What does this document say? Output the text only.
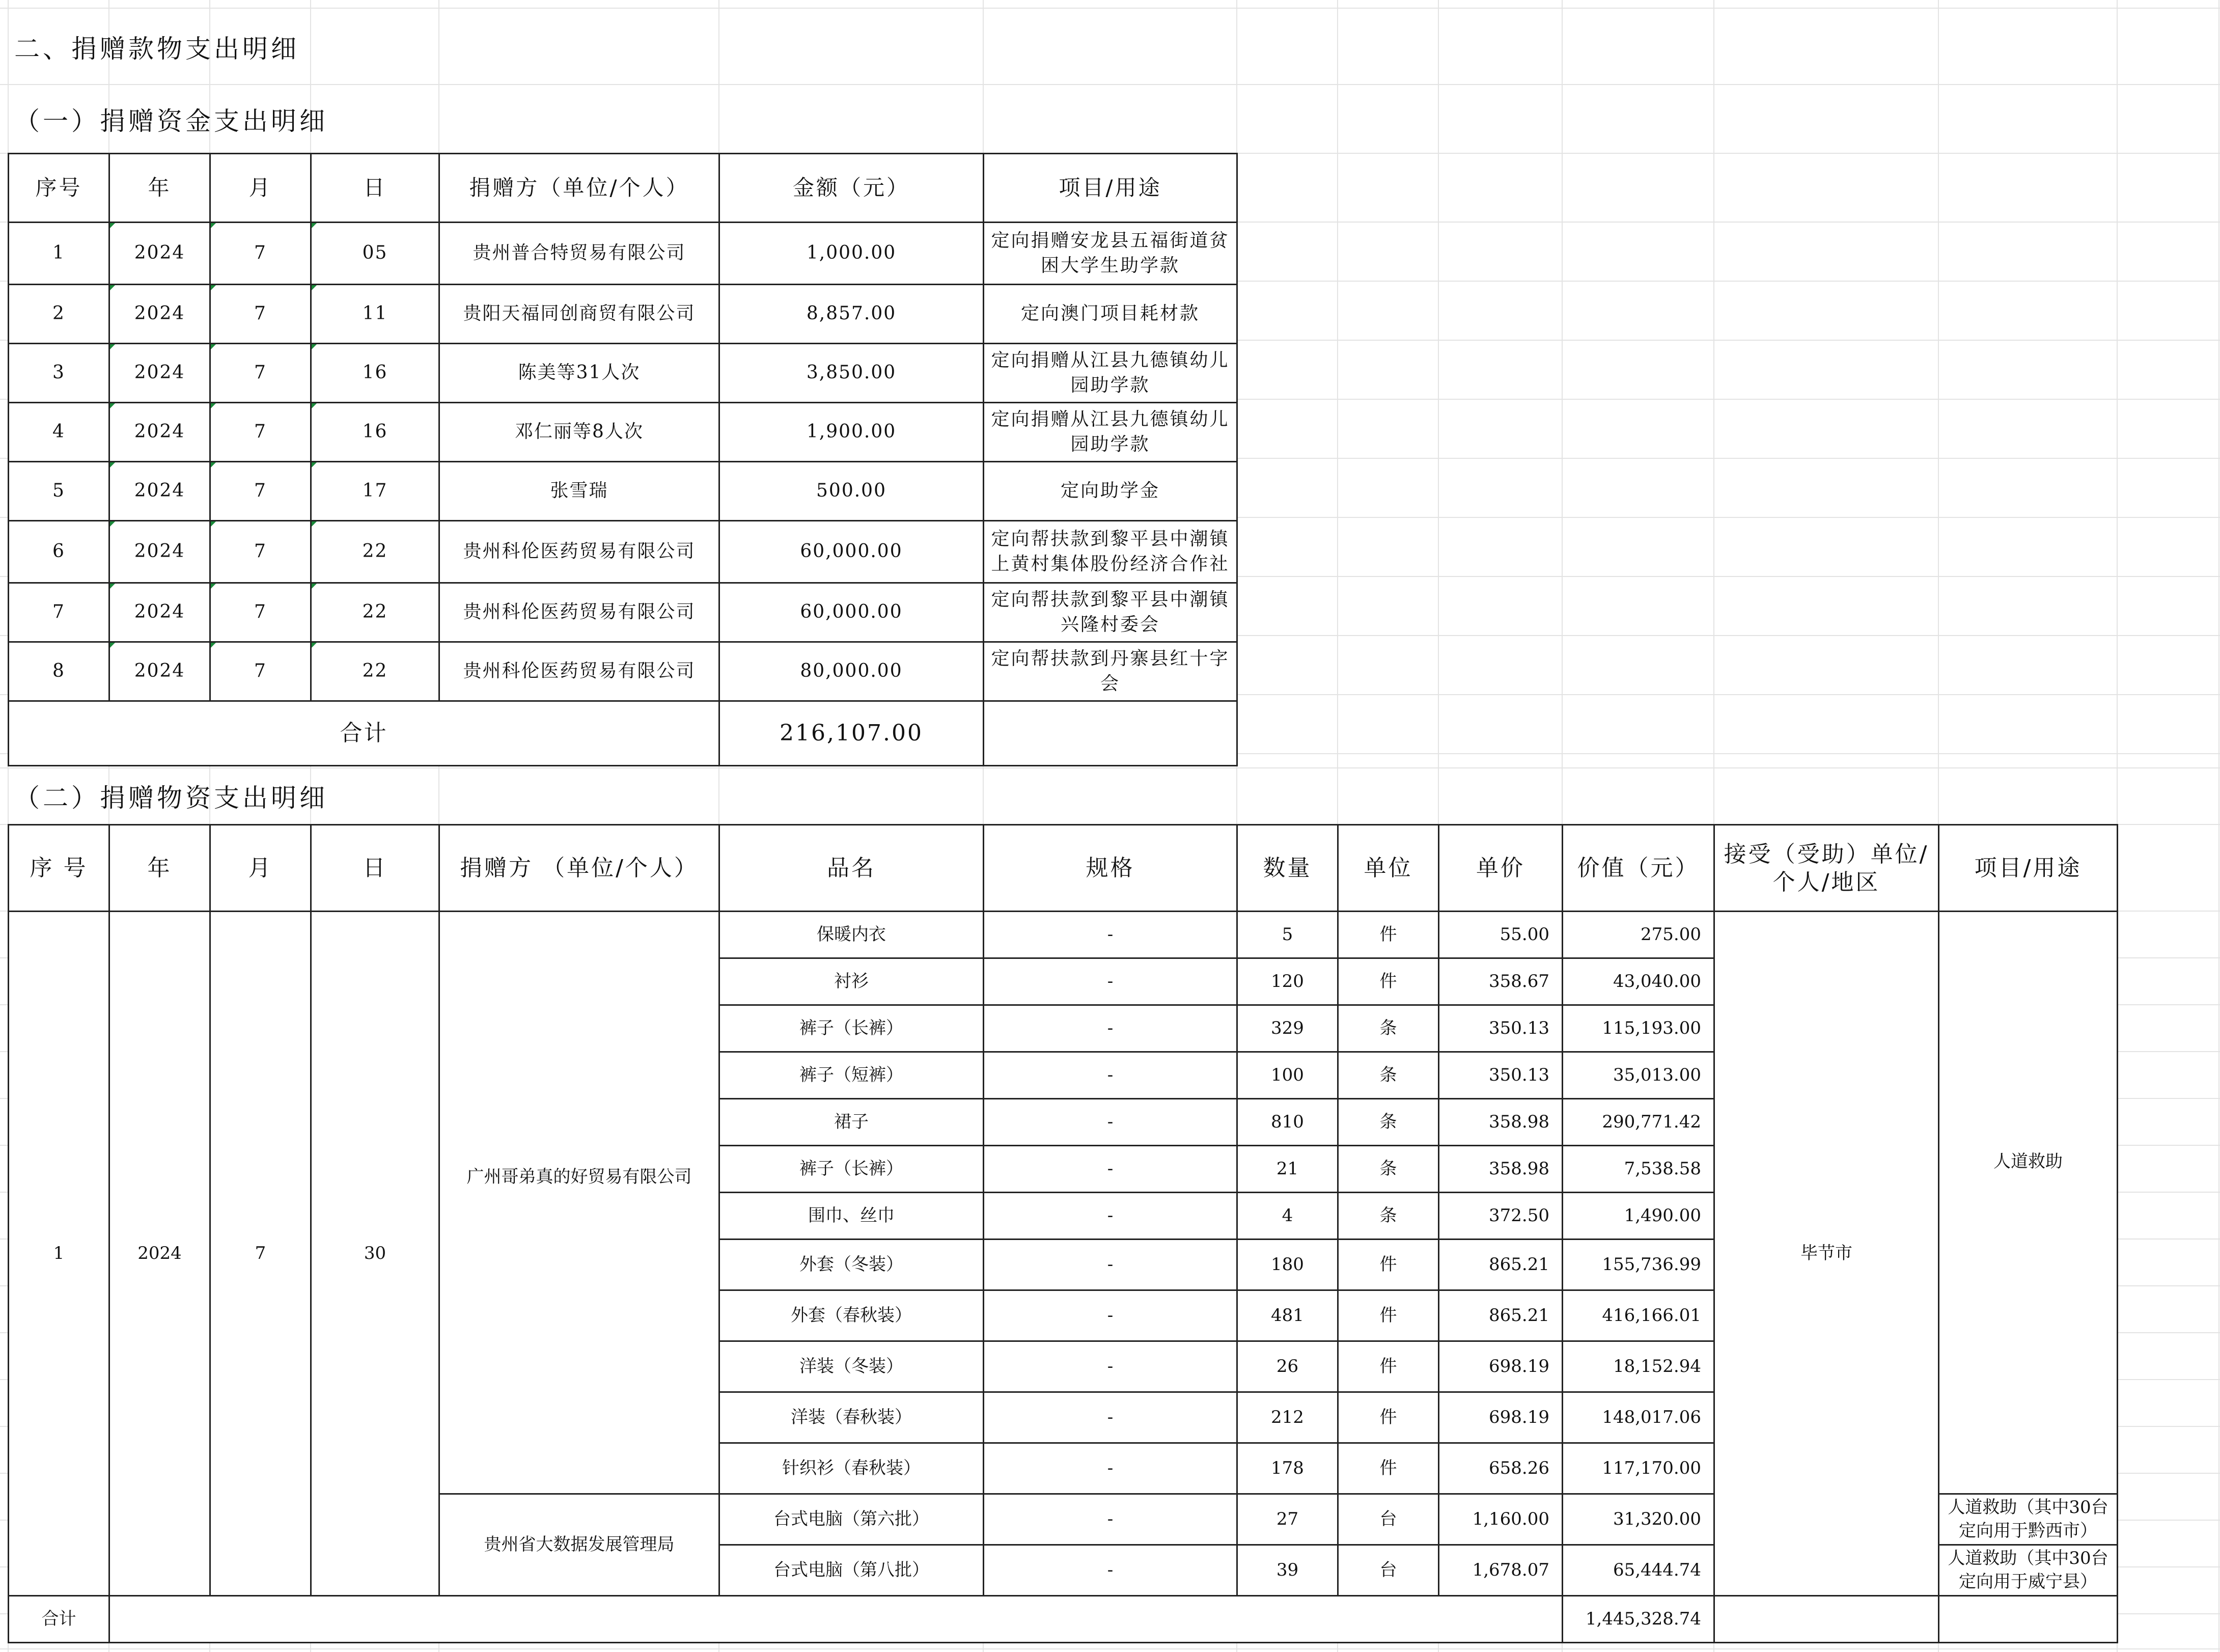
二、捐赠款物支出明细
（一）捐赠资金支出明细
序号	年	月	日	捐赠方（单位/个人）	金额（元）	项目/用途
1	2024	7	05	贵州普合特贸易有限公司	1,000.00	定向捐赠安龙县五福街道贫困大学生助学款
2	2024	7	11	贵阳天福同创商贸有限公司	8,857.00	定向澳门项目耗材款
3	2024	7	16	陈美等31人次	3,850.00	定向捐赠从江县九德镇幼儿园助学款
4	2024	7	16	邓仁丽等8人次	1,900.00	定向捐赠从江县九德镇幼儿园助学款
5	2024	7	17	张雪瑞	500.00	定向助学金
6	2024	7	22	贵州科伦医药贸易有限公司	60,000.00	定向帮扶款到黎平县中潮镇上黄村集体股份经济合作社
7	2024	7	22	贵州科伦医药贸易有限公司	60,000.00	定向帮扶款到黎平县中潮镇兴隆村委会
8	2024	7	22	贵州科伦医药贸易有限公司	80,000.00	定向帮扶款到丹寨县红十字会
合计					216,107.00	
（二）捐赠物资支出明细
序 号	年	月	日	捐赠方 （单位/个人）	品名	规格	数量	单位	单价	价值（元）	接受（受助）单位/个人/地区	项目/用途
1	2024	7	30	广州哥弟真的好贸易有限公司	保暖内衣	-	5	件	55.00	275.00	毕节市	人道救助
					衬衫	-	120	件	358.67	43,040.00		
					裤子（长裤）	-	329	条	350.13	115,193.00		
					裤子（短裤）	-	100	条	350.13	35,013.00		
					裙子	-	810	条	358.98	290,771.42		
					裤子（长裤）	-	21	条	358.98	7,538.58		
					围巾、丝巾	-	4	条	372.50	1,490.00		
					外套（冬装）	-	180	件	865.21	155,736.99		
					外套（春秋装）	-	481	件	865.21	416,166.01		
					洋装（冬装）	-	26	件	698.19	18,152.94		
					洋装（春秋装）	-	212	件	698.19	148,017.06		
					针织衫（春秋装）	-	178	件	658.26	117,170.00		
				贵州省大数据发展管理局	台式电脑（第六批）	-	27	台	1,160.00	31,320.00		人道救助（其中30台定向用于黔西市）
					台式电脑（第八批）	-	39	台	1,678.07	65,444.74		人道救助（其中30台定向用于威宁县）
合计										1,445,328.74		
